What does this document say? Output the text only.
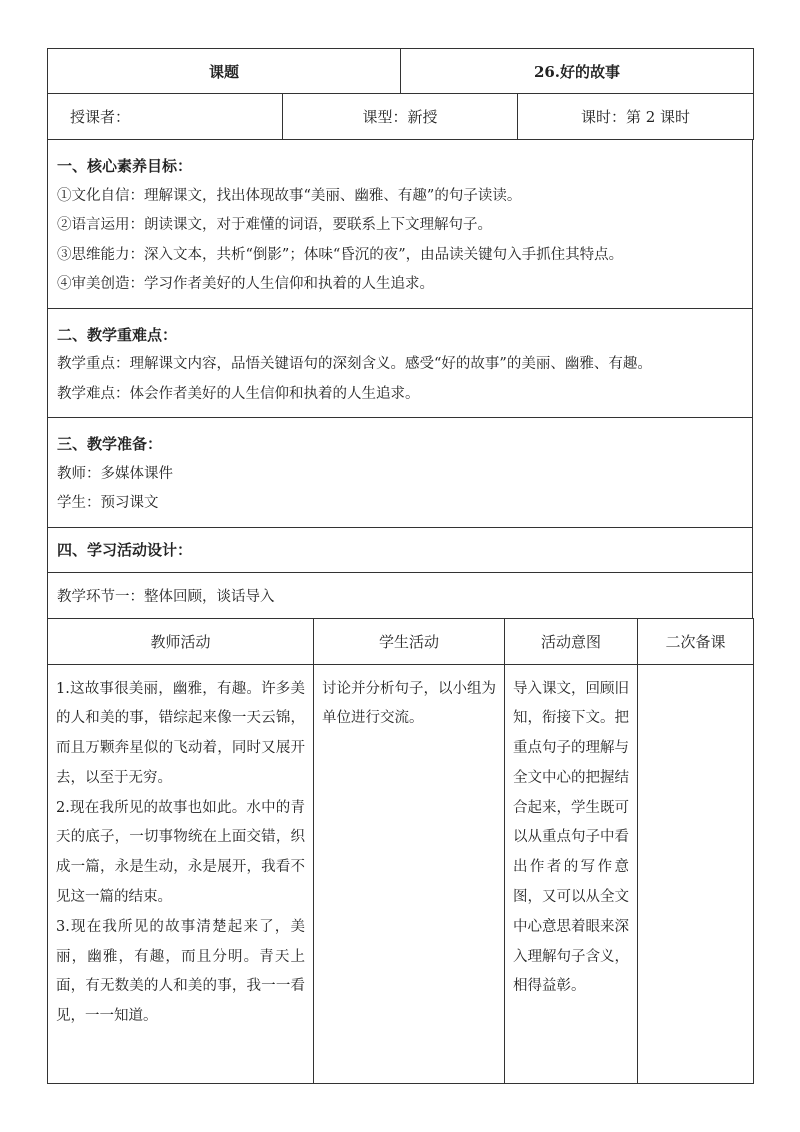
课题	26.好的故事
授课者：	课型：新授	课时：第 2 课时
一、核心素养目标：
①文化自信：理解课文，找出体现故事“美丽、幽雅、有趣”的句子读读。
②语言运用：朗读课文，对于难懂的词语，要联系上下文理解句子。
③思维能力：深入文本，共析“倒影”；体味“昏沉的夜”，由品读关键句入手抓住其特点。
④审美创造：学习作者美好的人生信仰和执着的人生追求。

二、教学重难点：
教学重点：理解课文内容，品悟关键语句的深刻含义。感受“好的故事”的美丽、幽雅、有趣。
教学难点：体会作者美好的人生信仰和执着的人生追求。

三、教学准备：
教师：多媒体课件
学生：预习课文

四、学习活动设计：
教学环节一：整体回顾，谈话导入
教师活动	学生活动	活动意图	二次备课

1.这故事很美丽，幽雅，有趣。许多美的人和美的事，错综起来像一天云锦，而且万颗奔星似的飞动着，同时又展开去，以至于无穷。
2.现在我所见的故事也如此。水中的青天的底子，一切事物统在上面交错，织成一篇，永是生动，永是展开，我看不见这一篇的结束。
3.现在我所见的故事清楚起来了，美丽，幽雅，有趣，而且分明。青天上面，有无数美的人和美的事，我一一看见，一一知道。	讨论并分析句子，以小组为单位进行交流。	导入课文，回顾旧知，衔接下文。把重点句子的理解与全文中心的把握结合起来，学生既可以从重点句子中看出作者的写作意图，又可以从全文中心意思着眼来深入理解句子含义，相得益彰。	
